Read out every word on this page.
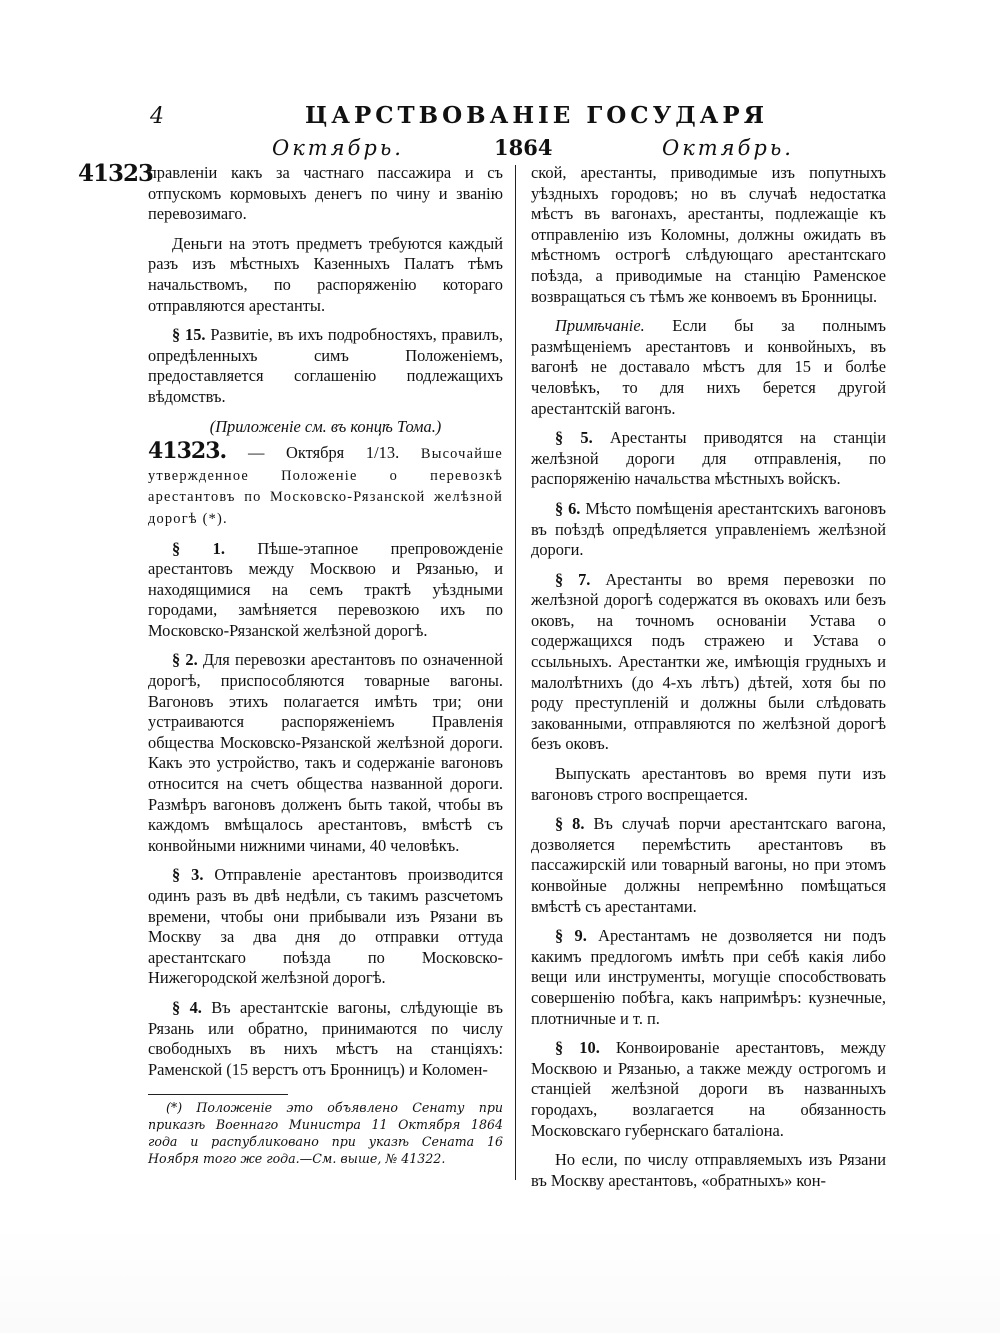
4	ЦАРСТВОВАНІЕ ГОСУДАРЯ
Октябрь.	1864	Октябрь.
41323

правленіи какъ за частнаго пассажира и съ отпускомъ кормовыхъ денегъ по чину и званію перевозимаго.

Деньги на этотъ предметъ требуются каждый разъ изъ мѣстныхъ Казенныхъ Палатъ тѣмъ начальствомъ, по распоряженію котораго отправляются арестанты.

§ 15. Развитіе, въ ихъ подробностяхъ, правилъ, опредѣленныхъ симъ Положеніемъ, предоставляется соглашенію подлежащихъ вѣдомствъ.

(Приложеніе см. въ концѣ Тома.)

41323. — Октября 1/13. Высочайше утвержденное Положеніе о перевозкѣ арестантовъ по Московско-Рязанской желѣзной дорогѣ (*).

§ 1. Пѣше-этапное препровожденіе арестантовъ между Москвою и Рязанью, и находящимися на семъ трактѣ уѣздными городами, замѣняется перевозкою ихъ по Московско-Рязанской желѣзной дорогѣ.

§ 2. Для перевозки арестантовъ по означенной дорогѣ, приспособляются товарные вагоны. Вагоновъ этихъ полагается имѣть три; они устраиваются распоряженіемъ Правленія общества Московско-Рязанской желѣзной дороги. Какъ это устройство, такъ и содержаніе вагоновъ относится на счетъ общества названной дороги. Размѣръ вагоновъ долженъ быть такой, чтобы въ каждомъ вмѣщалось арестантовъ, вмѣстѣ съ конвойными нижними чинами, 40 человѣкъ.

§ 3. Отправленіе арестантовъ производится одинъ разъ въ двѣ недѣли, съ такимъ разсчетомъ времени, чтобы они прибывали изъ Рязани въ Москву за два дня до отправки оттуда арестантскаго поѣзда по Московско-Нижегородской желѣзной дорогѣ.

§ 4. Въ арестантскіе вагоны, слѣдующіе въ Рязань или обратно, принимаются по числу свободныхъ въ нихъ мѣстъ на станціяхъ: Раменской (15 верстъ отъ Бронницъ) и Коломен-

(*) Положеніе это объявлено Сенату при приказѣ Военнаго Министра 11 Октября 1864 года и распубликовано при указѣ Сената 16 Ноября того же года.—См. выше, № 41322.

ской, арестанты, приводимые изъ попутныхъ уѣздныхъ городовъ; но въ случаѣ недостатка мѣстъ въ вагонахъ, арестанты, подлежащіе къ отправленію изъ Коломны, должны ожидать въ мѣстномъ острогѣ слѣдующаго арестантскаго поѣзда, а приводимые на станцію Раменское возвращаться съ тѣмъ же конвоемъ въ Бронницы.

Примѣчаніе. Если бы за полнымъ размѣщеніемъ арестантовъ и конвойныхъ, въ вагонѣ не доставало мѣстъ для 15 и болѣе человѣкъ, то для нихъ берется другой арестантскій вагонъ.

§ 5. Арестанты приводятся на станціи желѣзной дороги для отправленія, по распоряженію начальства мѣстныхъ войскъ.

§ 6. Мѣсто помѣщенія арестантскихъ вагоновъ въ поѣздѣ опредѣляется управленіемъ желѣзной дороги.

§ 7. Арестанты во время перевозки по желѣзной дорогѣ содержатся въ оковахъ или безъ оковъ, на точномъ основаніи Устава о содержащихся подъ стражею и Устава о ссыльныхъ. Арестантки же, имѣющія грудныхъ и малолѣтнихъ (до 4-хъ лѣтъ) дѣтей, хотя бы по роду преступленій и должны были слѣдовать закованными, отправляются по желѣзной дорогѣ безъ оковъ.

Выпускать арестантовъ во время пути изъ вагоновъ строго воспрещается.

§ 8. Въ случаѣ порчи арестантскаго вагона, дозволяется перемѣстить арестантовъ въ пассажирскій или товарный вагоны, но при этомъ конвойные должны непремѣнно помѣщаться вмѣстѣ съ арестантами.

§ 9. Арестантамъ не дозволяется ни подъ какимъ предлогомъ имѣть при себѣ какія либо вещи или инструменты, могущіе способствовать совершенію побѣга, какъ напримѣръ: кузнечные, плотничные и т. п.

§ 10. Конвоированіе арестантовъ, между Москвою и Рязанью, а также между острогомъ и станціей желѣзной дороги въ названныхъ городахъ, возлагается на обязанность Московскаго губернскаго баталіона.

Но если, по числу отправляемыхъ изъ Рязани въ Москву арестантовъ, «обратныхъ» кон-
